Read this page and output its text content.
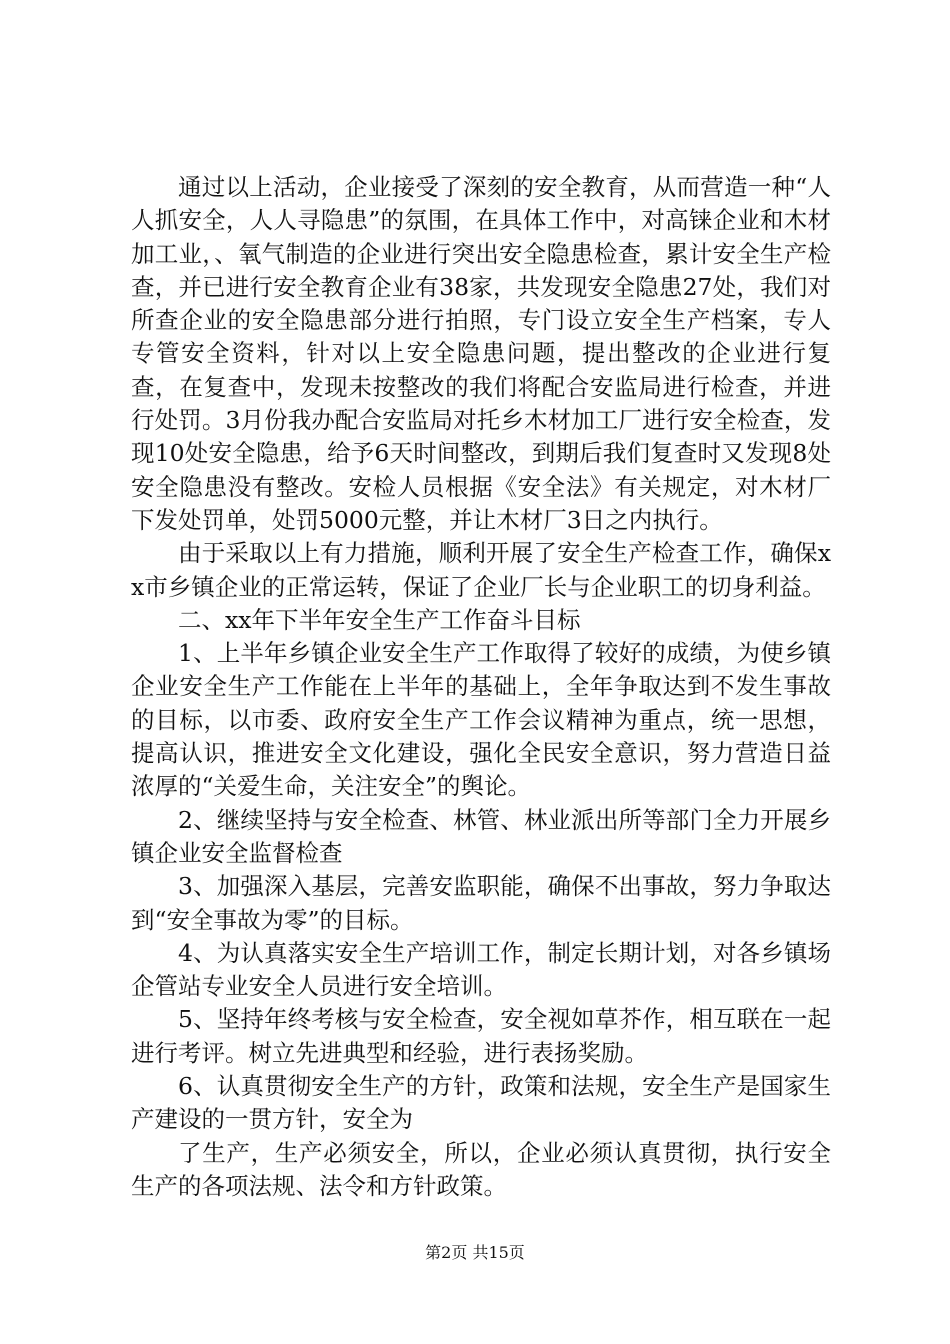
通过以上活动，企业接受了深刻的安全教育，从而营造一种“人人抓安全，人人寻隐患”的氛围，在具体工作中，对高铼企业和木材加工业，、氧气制造的企业进行突出安全隐患检查，累计安全生产检查，并已进行安全教育企业有38家，共发现安全隐患27处，我们对所查企业的安全隐患部分进行拍照，专门设立安全生产档案，专人专管安全资料，针对以上安全隐患问题，提出整改的企业进行复查，在复查中，发现未按整改的我们将配合安监局进行检查，并进行处罚。3月份我办配合安监局对托乡木材加工厂进行安全检查，发现10处安全隐患，给予6天时间整改，到期后我们复查时又发现8处安全隐患没有整改。安检人员根据《安全法》有关规定，对木材厂下发处罚单，处罚5000元整，并让木材厂3日之内执行。

由于采取以上有力措施，顺利开展了安全生产检查工作，确保xx市乡镇企业的正常运转，保证了企业厂长与企业职工的切身利益。

二、xx年下半年安全生产工作奋斗目标

1、上半年乡镇企业安全生产工作取得了较好的成绩，为使乡镇企业安全生产工作能在上半年的基础上，全年争取达到不发生事故的目标，以市委、政府安全生产工作会议精神为重点，统一思想，提高认识，推进安全文化建设，强化全民安全意识，努力营造日益浓厚的“关爱生命，关注安全”的舆论。

2、继续坚持与安全检查、林管、林业派出所等部门全力开展乡镇企业安全监督检查

3、加强深入基层，完善安监职能，确保不出事故，努力争取达到“安全事故为零”的目标。

4、为认真落实安全生产培训工作，制定长期计划，对各乡镇场企管站专业安全人员进行安全培训。

5、坚持年终考核与安全检查，安全视如草芥作，相互联在一起进行考评。树立先进典型和经验，进行表扬奖励。

6、认真贯彻安全生产的方针，政策和法规，安全生产是国家生产建设的一贯方针，安全为

了生产，生产必须安全，所以，企业必须认真贯彻，执行安全生产的各项法规、法令和方针政策。

第2页 共15页
